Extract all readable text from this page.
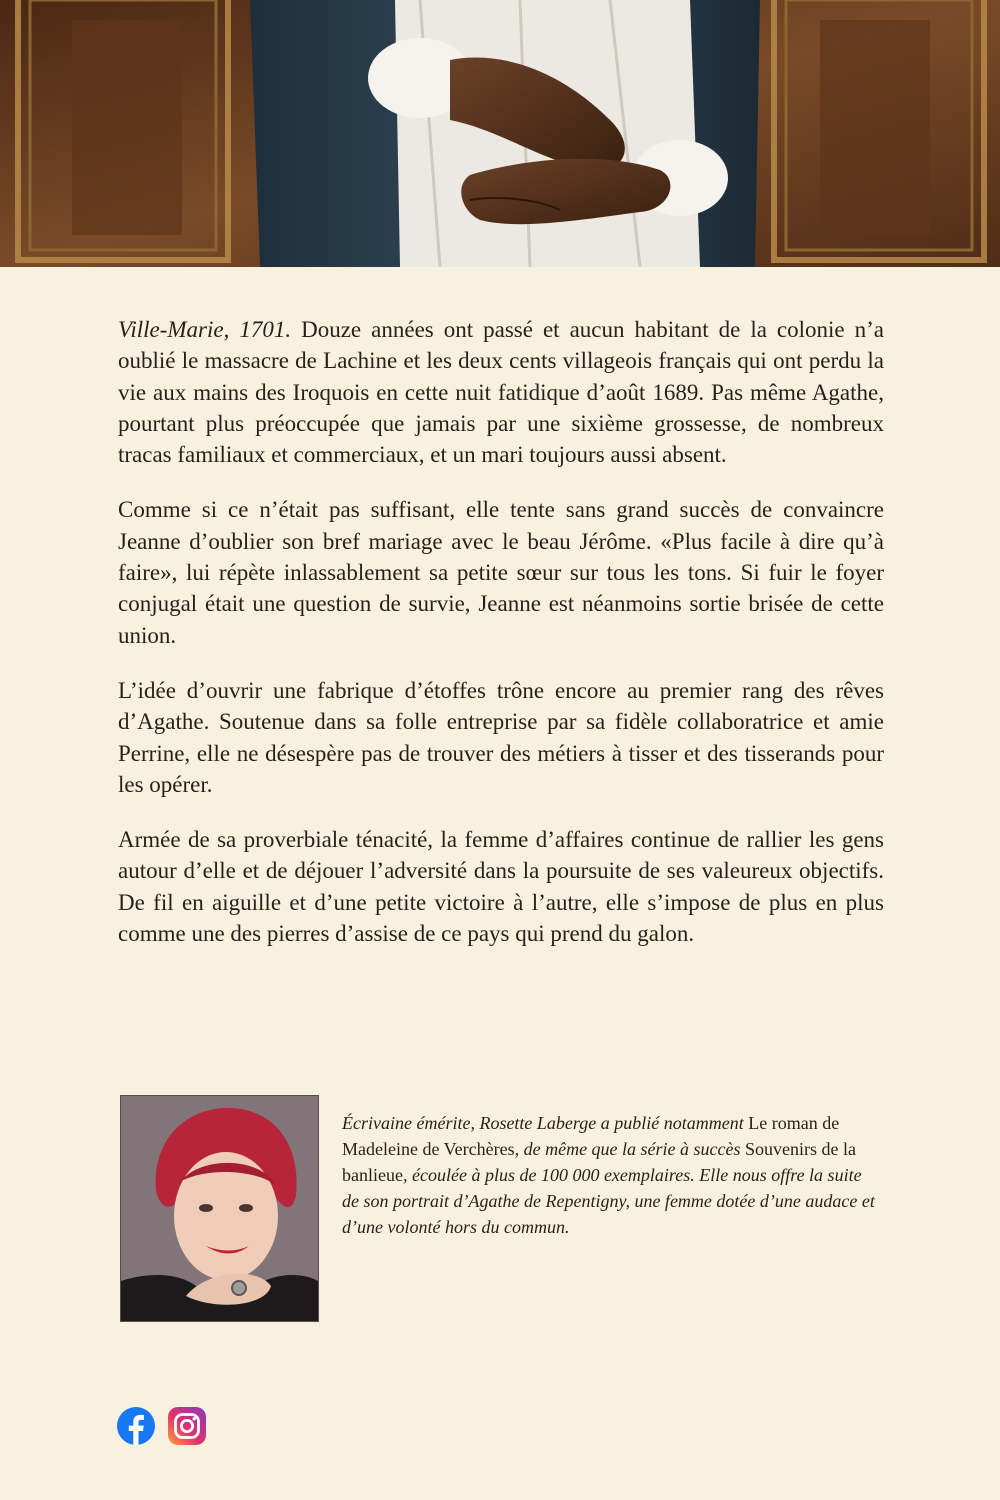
Ville-Marie, 1701. Douze années ont passé et aucun habitant de la colonie n’a oublié le massacre de Lachine et les deux cents villageois français qui ont perdu la vie aux mains des Iroquois en cette nuit fatidique d’août 1689. Pas même Agathe, pourtant plus préoccupée que jamais par une sixième grossesse, de nombreux tracas familiaux et commerciaux, et un mari toujours aussi absent.

Comme si ce n’était pas suffisant, elle tente sans grand succès de convaincre Jeanne d’oublier son bref mariage avec le beau Jérôme. «Plus facile à dire qu’à faire», lui répète inlassablement sa petite sœur sur tous les tons. Si fuir le foyer conjugal était une question de survie, Jeanne est néanmoins sortie brisée de cette union.

L’idée d’ouvrir une fabrique d’étoffes trône encore au premier rang des rêves d’Agathe. Soutenue dans sa folle entreprise par sa fidèle collaboratrice et amie Perrine, elle ne désespère pas de trouver des métiers à tisser et des tisserands pour les opérer.

Armée de sa proverbiale ténacité, la femme d’affaires continue de rallier les gens autour d’elle et de déjouer l’adversité dans la poursuite de ses valeureux objectifs. De fil en aiguille et d’une petite victoire à l’autre, elle s’impose de plus en plus comme une des pierres d’assise de ce pays qui prend du galon.

Écrivaine émérite, Rosette Laberge a publié notamment Le roman de Madeleine de Verchères, de même que la série à succès Souvenirs de la banlieue, écoulée à plus de 100 000 exemplaires. Elle nous offre la suite de son portrait d’Agathe de Repentigny, une femme dotée d’une audace et d’une volonté hors du commun.
